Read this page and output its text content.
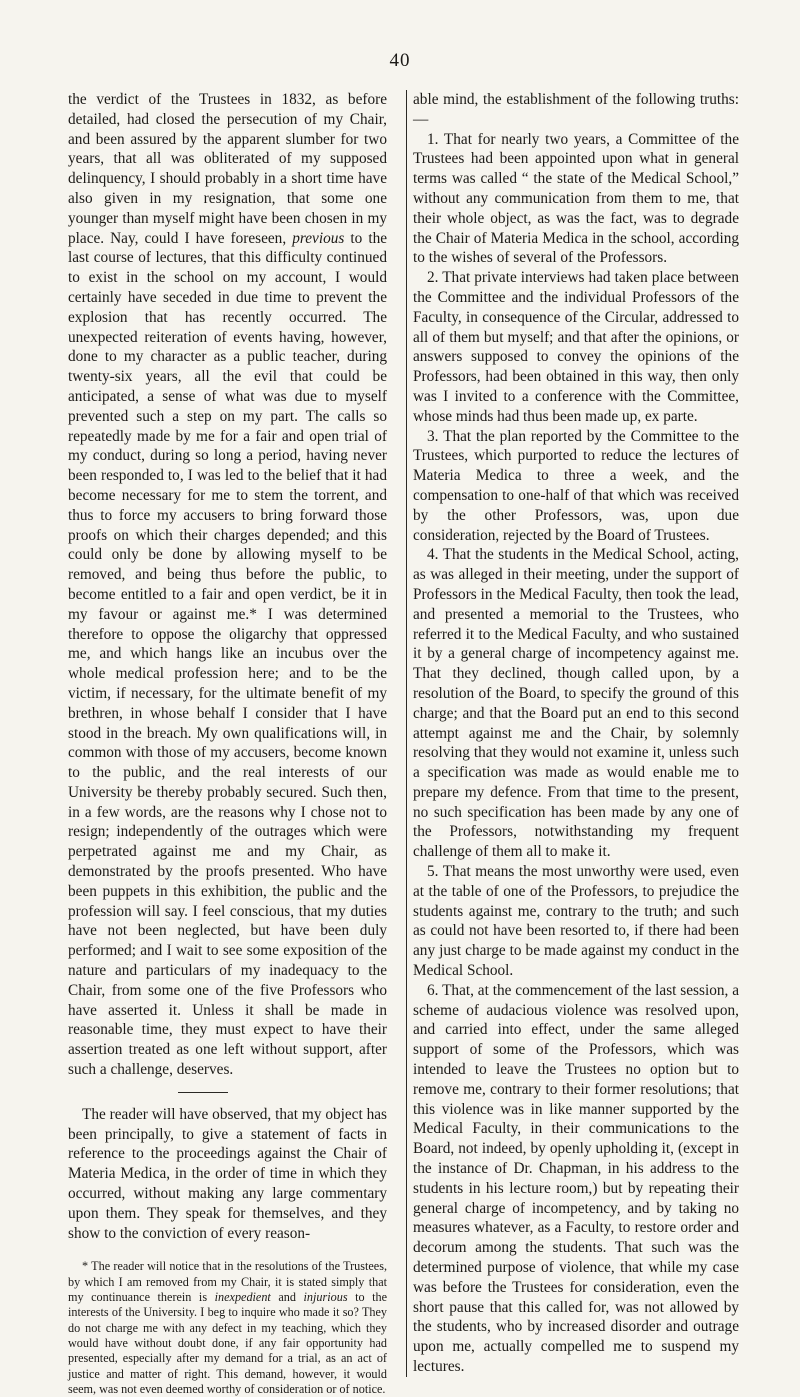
40

the verdict of the Trustees in 1832, as before detailed, had closed the persecution of my Chair, and been assured by the apparent slumber for two years, that all was obliterated of my supposed delinquency, I should probably in a short time have also given in my resignation, that some one younger than myself might have been chosen in my place. Nay, could I have foreseen, previous to the last course of lectures, that this difficulty continued to exist in the school on my account, I would certainly have seceded in due time to prevent the explosion that has recently occurred. The unexpected reiteration of events having, however, done to my character as a public teacher, during twenty-six years, all the evil that could be anticipated, a sense of what was due to myself prevented such a step on my part. The calls so repeatedly made by me for a fair and open trial of my conduct, during so long a period, having never been responded to, I was led to the belief that it had become necessary for me to stem the torrent, and thus to force my accusers to bring forward those proofs on which their charges depended; and this could only be done by allowing myself to be removed, and being thus before the public, to become entitled to a fair and open verdict, be it in my favour or against me.* I was determined therefore to oppose the oligarchy that oppressed me, and which hangs like an incubus over the whole medical profession here; and to be the victim, if necessary, for the ultimate benefit of my brethren, in whose behalf I consider that I have stood in the breach. My own qualifications will, in common with those of my accusers, become known to the public, and the real interests of our University be thereby probably secured. Such then, in a few words, are the reasons why I chose not to resign; independently of the outrages which were perpetrated against me and my Chair, as demonstrated by the proofs presented. Who have been puppets in this exhibition, the public and the profession will say. I feel conscious, that my duties have not been neglected, but have been duly performed; and I wait to see some exposition of the nature and particulars of my inadequacy to the Chair, from some one of the five Professors who have asserted it. Unless it shall be made in reasonable time, they must expect to have their assertion treated as one left without support, after such a challenge, deserves.

The reader will have observed, that my object has been principally, to give a statement of facts in reference to the proceedings against the Chair of Materia Medica, in the order of time in which they occurred, without making any large commentary upon them. They speak for themselves, and they show to the conviction of every reason-

* The reader will notice that in the resolutions of the Trustees, by which I am removed from my Chair, it is stated simply that my continuance therein is inexpedient and injurious to the interests of the University. I beg to inquire who made it so? They do not charge me with any defect in my teaching, which they would have without doubt done, if any fair opportunity had presented, especially after my demand for a trial, as an act of justice and matter of right. This demand, however, it would seem, was not even deemed worthy of consideration or of notice.

able mind, the establishment of the following truths:—

1. That for nearly two years, a Committee of the Trustees had been appointed upon what in general terms was called “ the state of the Medical School,” without any communication from them to me, that their whole object, as was the fact, was to degrade the Chair of Materia Medica in the school, according to the wishes of several of the Professors.

2. That private interviews had taken place between the Committee and the individual Professors of the Faculty, in consequence of the Circular, addressed to all of them but myself; and that after the opinions, or answers supposed to convey the opinions of the Professors, had been obtained in this way, then only was I invited to a conference with the Committee, whose minds had thus been made up, ex parte.

3. That the plan reported by the Committee to the Trustees, which purported to reduce the lectures of Materia Medica to three a week, and the compensation to one-half of that which was received by the other Professors, was, upon due consideration, rejected by the Board of Trustees.

4. That the students in the Medical School, acting, as was alleged in their meeting, under the support of Professors in the Medical Faculty, then took the lead, and presented a memorial to the Trustees, who referred it to the Medical Faculty, and who sustained it by a general charge of incompetency against me. That they declined, though called upon, by a resolution of the Board, to specify the ground of this charge; and that the Board put an end to this second attempt against me and the Chair, by solemnly resolving that they would not examine it, unless such a specification was made as would enable me to prepare my defence. From that time to the present, no such specification has been made by any one of the Professors, notwithstanding my frequent challenge of them all to make it.

5. That means the most unworthy were used, even at the table of one of the Professors, to prejudice the students against me, contrary to the truth; and such as could not have been resorted to, if there had been any just charge to be made against my conduct in the Medical School.

6. That, at the commencement of the last session, a scheme of audacious violence was resolved upon, and carried into effect, under the same alleged support of some of the Professors, which was intended to leave the Trustees no option but to remove me, contrary to their former resolutions; that this violence was in like manner supported by the Medical Faculty, in their communications to the Board, not indeed, by openly upholding it, (except in the instance of Dr. Chapman, in his address to the students in his lecture room,) but by repeating their general charge of incompetency, and by taking no measures whatever, as a Faculty, to restore order and decorum among the students. That such was the determined purpose of violence, that while my case was before the Trustees for consideration, even the short pause that this called for, was not allowed by the students, who by increased disorder and outrage upon me, actually compelled me to suspend my lectures.
